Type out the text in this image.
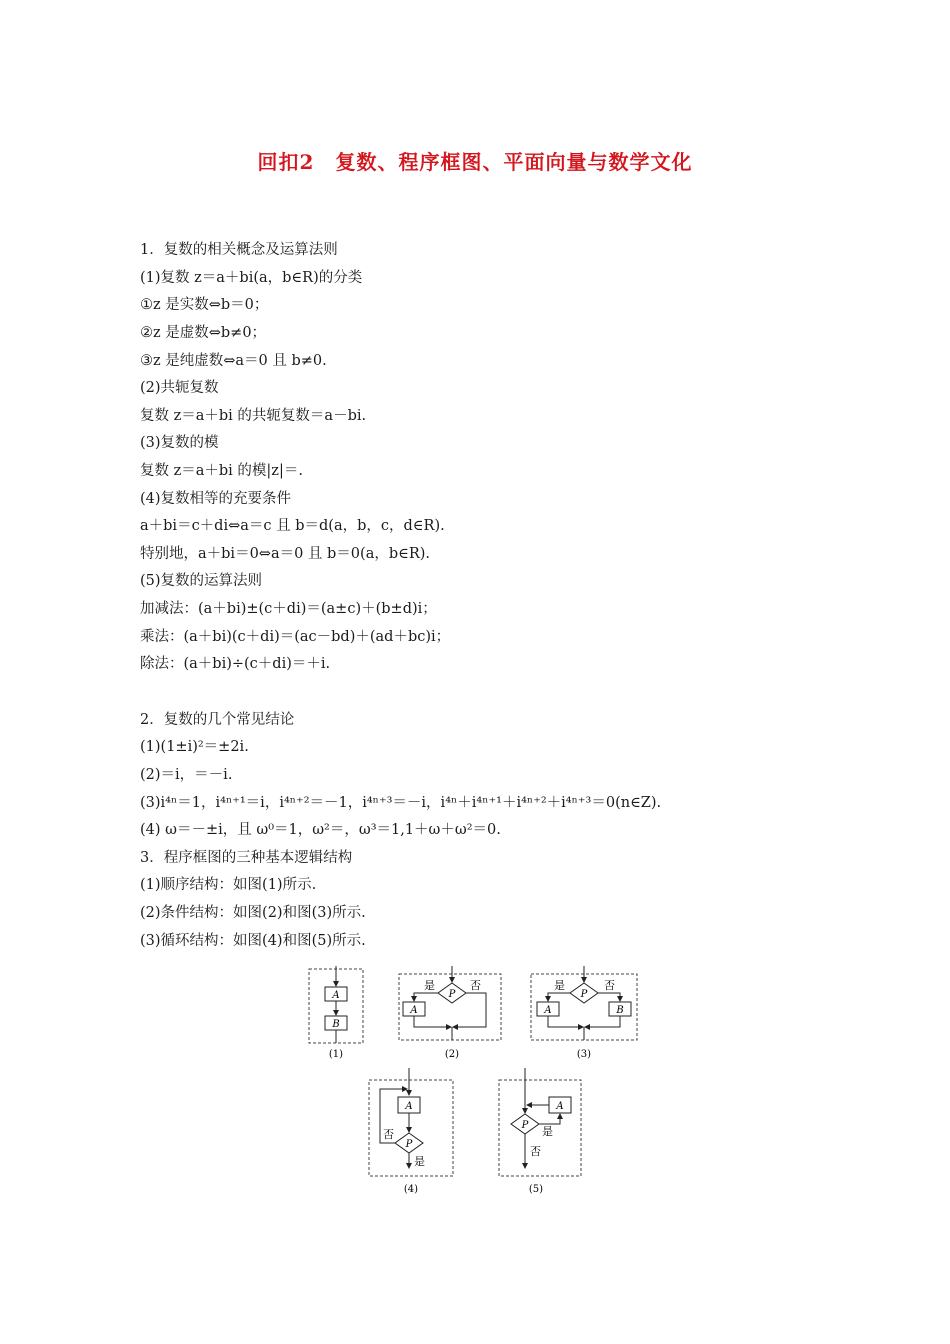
回扣2　复数、程序框图、平面向量与数学文化
1．复数的相关概念及运算法则
(1)复数 z＝a＋bi(a，b∈R)的分类
①z 是实数⇔b＝0；
②z 是虚数⇔b≠0；
③z 是纯虚数⇔a＝0 且 b≠0.
(2)共轭复数
复数 z＝a＋bi 的共轭复数＝a－bi.
(3)复数的模
复数 z＝a＋bi 的模|z|＝.
(4)复数相等的充要条件
a＋bi＝c＋di⇔a＝c 且 b＝d(a，b，c，d∈R).
特别地，a＋bi＝0⇔a＝0 且 b＝0(a，b∈R).
(5)复数的运算法则
加减法：(a＋bi)±(c＋di)＝(a±c)＋(b±d)i；
乘法：(a＋bi)(c＋di)＝(ac－bd)＋(ad＋bc)i；
除法：(a＋bi)÷(c＋di)＝＋i.
2．复数的几个常见结论
(1)(1±i)²＝±2i.
(2)＝i，＝－i.
(3)i⁴ⁿ＝1，i⁴ⁿ⁺¹＝i，i⁴ⁿ⁺²＝－1，i⁴ⁿ⁺³＝－i，i⁴ⁿ＋i⁴ⁿ⁺¹＋i⁴ⁿ⁺²＋i⁴ⁿ⁺³＝0(n∈Z).
(4) ω＝－±i，且 ω⁰＝1，ω²＝，ω³＝1,1＋ω＋ω²＝0.
3．程序框图的三种基本逻辑结构
(1)顺序结构：如图(1)所示.
(2)条件结构：如图(2)和图(3)所示.
(3)循环结构：如图(4)和图(5)所示.
A
B
(1)
P
是	否
A
(2)
P
是	否
A	B
(3)
A
P
否
是
(4)
P 是
A
否
(5)
